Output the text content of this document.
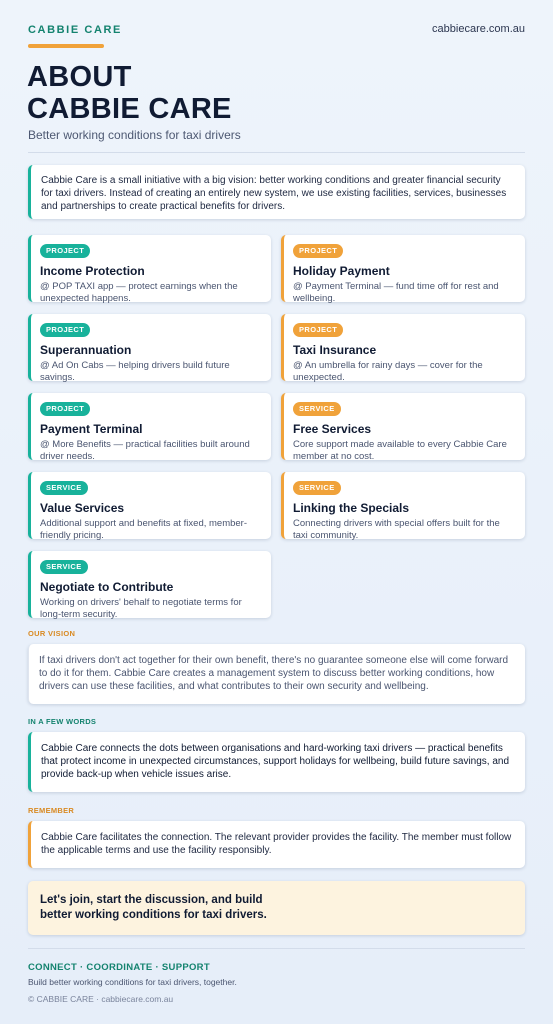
CABBIE CARE	cabbiecare.com.au
ABOUT
CABBIE CARE
Better working conditions for taxi drivers
Cabbie Care is a small initiative with a big vision: better working conditions and greater financial security for taxi drivers. Instead of creating an entirely new system, we use existing facilities, services, businesses and partnerships to create practical benefits for drivers.
PROJECT
Income Protection
@ POP TAXI app — protect earnings when the unexpected happens.
PROJECT
Holiday Payment
@ Payment Terminal — fund time off for rest and wellbeing.
PROJECT
Superannuation
@ Ad On Cabs — helping drivers build future savings.
PROJECT
Taxi Insurance
@ An umbrella for rainy days — cover for the unexpected.
PROJECT
Payment Terminal
@ More Benefits — practical facilities built around driver needs.
SERVICE
Free Services
Core support made available to every Cabbie Care member at no cost.
SERVICE
Value Services
Additional support and benefits at fixed, member-friendly pricing.
SERVICE
Linking the Specials
Connecting drivers with special offers built for the taxi community.
SERVICE
Negotiate to Contribute
Working on drivers' behalf to negotiate terms for long-term security.
OUR VISION
If taxi drivers don't act together for their own benefit, there's no guarantee someone else will come forward to do it for them. Cabbie Care creates a management system to discuss better working conditions, how drivers can use these facilities, and what contributes to their own security and wellbeing.
IN A FEW WORDS
Cabbie Care connects the dots between organisations and hard-working taxi drivers — practical benefits that protect income in unexpected circumstances, support holidays for wellbeing, build future savings, and provide back-up when vehicle issues arise.
REMEMBER
Cabbie Care facilitates the connection. The relevant provider provides the facility. The member must follow the applicable terms and use the facility responsibly.
Let's join, start the discussion, and build
better working conditions for taxi drivers.
CONNECT · COORDINATE · SUPPORT
Build better working conditions for taxi drivers, together.
© CABBIE CARE · cabbiecare.com.au
